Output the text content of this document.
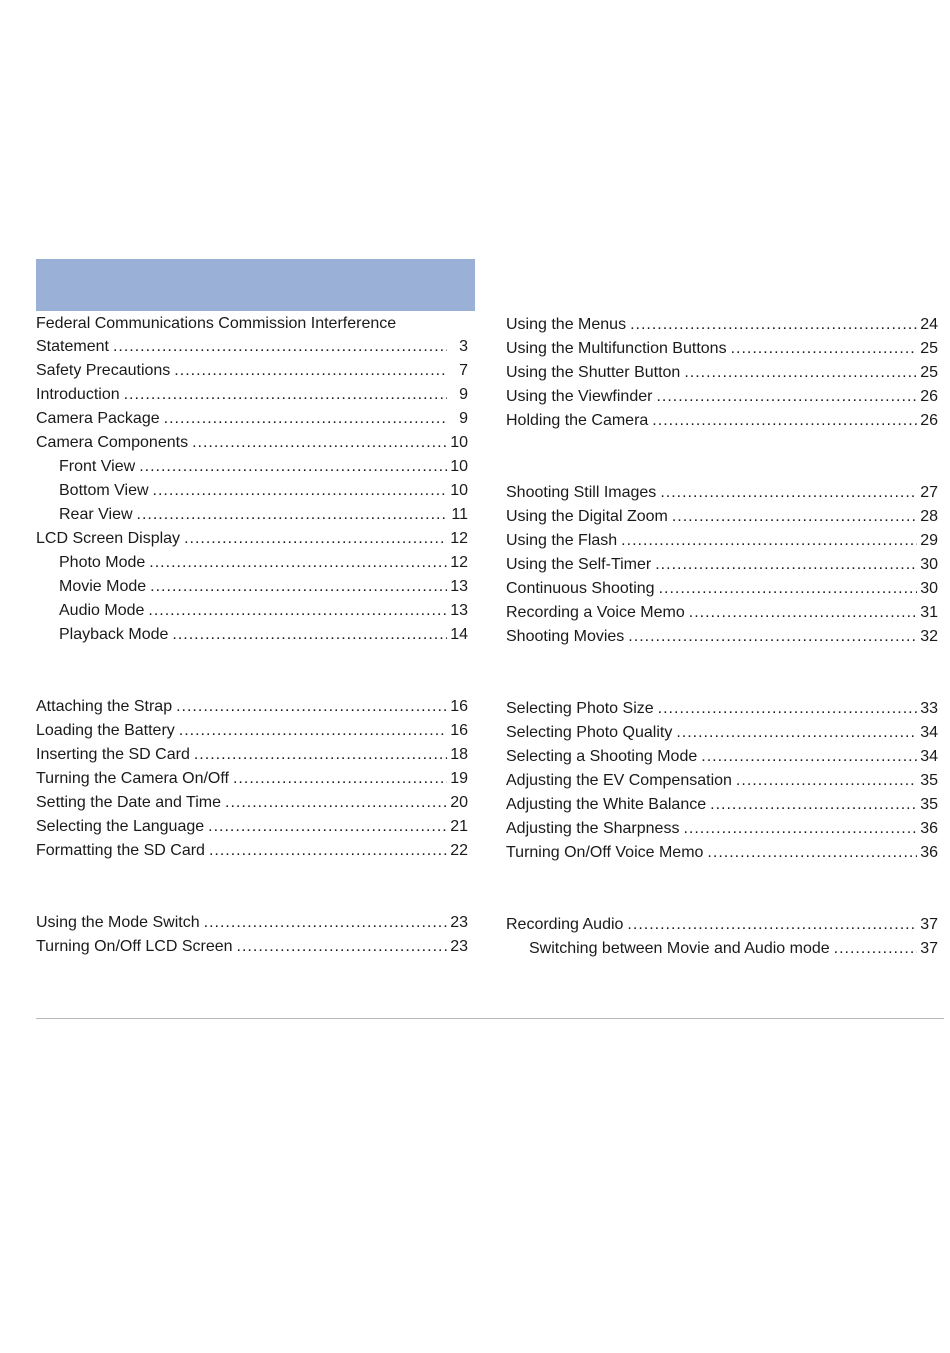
Federal Communications Commission Interference
Statement .....	3
Safety Precautions .....	7
Introduction .....	9
Camera Package .....	9
Camera Components .....	10
Front View .....	10
Bottom View .....	10
Rear View .....	11
LCD Screen Display .....	12
Photo Mode .....	12
Movie Mode .....	13
Audio Mode .....	13
Playback Mode .....	14
Attaching the Strap .....	16
Loading the Battery .....	16
Inserting the SD Card .....	18
Turning the Camera On/Off .....	19
Setting the Date and Time .....	20
Selecting the Language .....	21
Formatting the SD Card .....	22
Using the Mode Switch .....	23
Turning On/Off LCD Screen .....	23
Using the Menus .....	24
Using the Multifunction Buttons .....	25
Using the Shutter Button .....	25
Using the Viewfinder .....	26
Holding the Camera .....	26
Shooting Still Images .....	27
Using the Digital Zoom .....	28
Using the Flash .....	29
Using the Self-Timer .....	30
Continuous Shooting .....	30
Recording a Voice Memo .....	31
Shooting Movies .....	32
Selecting Photo Size .....	33
Selecting Photo Quality .....	34
Selecting a Shooting Mode .....	34
Adjusting the EV Compensation .....	35
Adjusting the White Balance .....	35
Adjusting the Sharpness .....	36
Turning On/Off Voice Memo .....	36
Recording Audio .....	37
Switching between Movie and Audio mode .....	37
